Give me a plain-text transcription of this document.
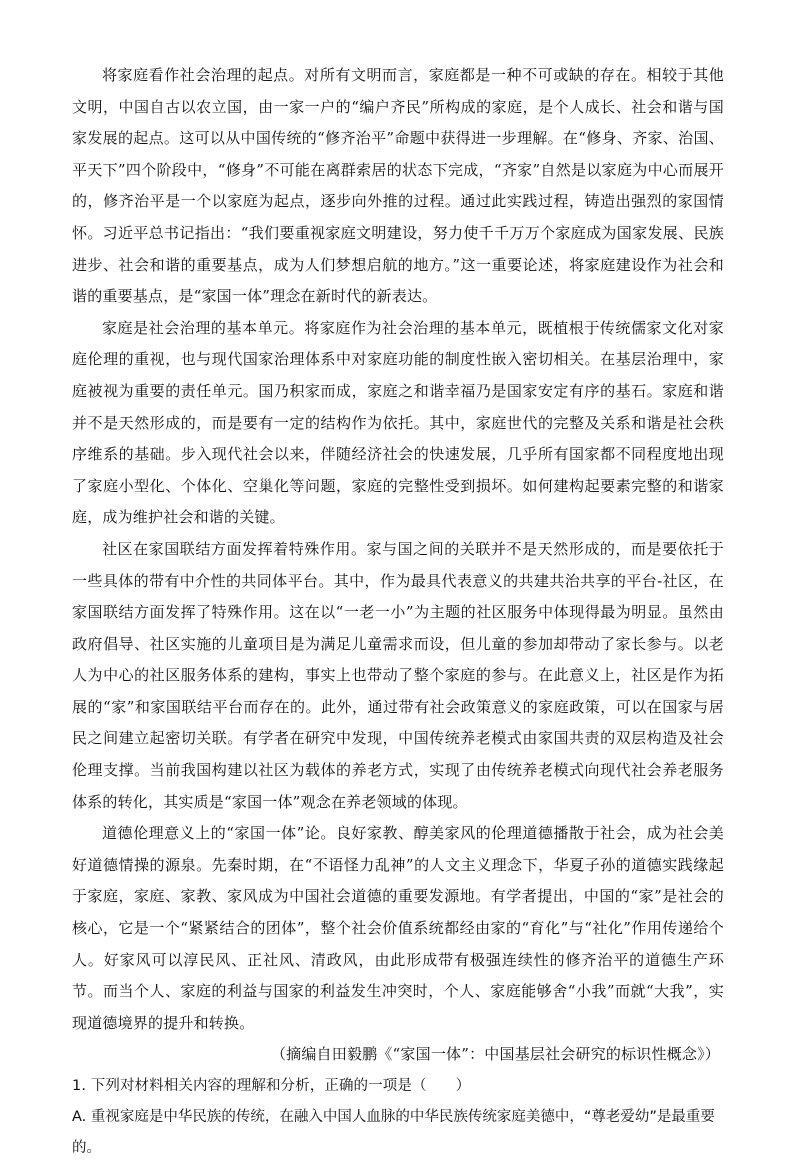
将家庭看作社会治理的起点。对所有文明而言，家庭都是一种不可或缺的存在。相较于其他文明，中国自古以农立国，由一家一户的“编户齐民”所构成的家庭，是个人成长、社会和谐与国家发展的起点。这可以从中国传统的“修齐治平”命题中获得进一步理解。在“修身、齐家、治国、平天下”四个阶段中，“修身”不可能在离群索居的状态下完成，“齐家”自然是以家庭为中心而展开的，修齐治平是一个以家庭为起点，逐步向外推的过程。通过此实践过程，铸造出强烈的家国情怀。习近平总书记指出：“我们要重视家庭文明建设，努力使千千万万个家庭成为国家发展、民族进步、社会和谐的重要基点，成为人们梦想启航的地方。”这一重要论述，将家庭建设作为社会和谐的重要基点，是“家国一体”理念在新时代的新表达。

家庭是社会治理的基本单元。将家庭作为社会治理的基本单元，既植根于传统儒家文化对家庭伦理的重视，也与现代国家治理体系中对家庭功能的制度性嵌入密切相关。在基层治理中，家庭被视为重要的责任单元。国乃积家而成，家庭之和谐幸福乃是国家安定有序的基石。家庭和谐并不是天然形成的，而是要有一定的结构作为依托。其中，家庭世代的完整及关系和谐是社会秩序维系的基础。步入现代社会以来，伴随经济社会的快速发展，几乎所有国家都不同程度地出现了家庭小型化、个体化、空巢化等问题，家庭的完整性受到损坏。如何建构起要素完整的和谐家庭，成为维护社会和谐的关键。

社区在家国联结方面发挥着特殊作用。家与国之间的关联并不是天然形成的，而是要依托于一些具体的带有中介性的共同体平台。其中，作为最具代表意义的共建共治共享的平台-社区，在家国联结方面发挥了特殊作用。这在以“一老一小”为主题的社区服务中体现得最为明显。虽然由政府倡导、社区实施的儿童项目是为满足儿童需求而设，但儿童的参加却带动了家长参与。以老人为中心的社区服务体系的建构，事实上也带动了整个家庭的参与。在此意义上，社区是作为拓展的“家”和家国联结平台而存在的。此外，通过带有社会政策意义的家庭政策，可以在国家与居民之间建立起密切关联。有学者在研究中发现，中国传统养老模式由家国共责的双层构造及社会伦理支撑。当前我国构建以社区为载体的养老方式，实现了由传统养老模式向现代社会养老服务体系的转化，其实质是“家国一体”观念在养老领域的体现。

道德伦理意义上的“家国一体”论。良好家教、醇美家风的伦理道德播散于社会，成为社会美好道德情操的源泉。先秦时期，在“不语怪力乱神”的人文主义理念下，华夏子孙的道德实践缘起于家庭，家庭、家教、家风成为中国社会道德的重要发源地。有学者提出，中国的“家”是社会的核心，它是一个“紧紧结合的团体”，整个社会价值系统都经由家的“育化”与“社化”作用传递给个人。好家风可以淳民风、正社风、清政风，由此形成带有极强连续性的修齐治平的道德生产环节。而当个人、家庭的利益与国家的利益发生冲突时，个人、家庭能够舍“小我”而就“大我”，实现道德境界的提升和转换。

（摘编自田毅鹏《“家国一体”：中国基层社会研究的标识性概念》）

1. 下列对材料相关内容的理解和分析，正确的一项是（　　）

A. 重视家庭是中华民族的传统，在融入中国人血脉的中华民族传统家庭美德中，“尊老爱幼”是最重要的。
